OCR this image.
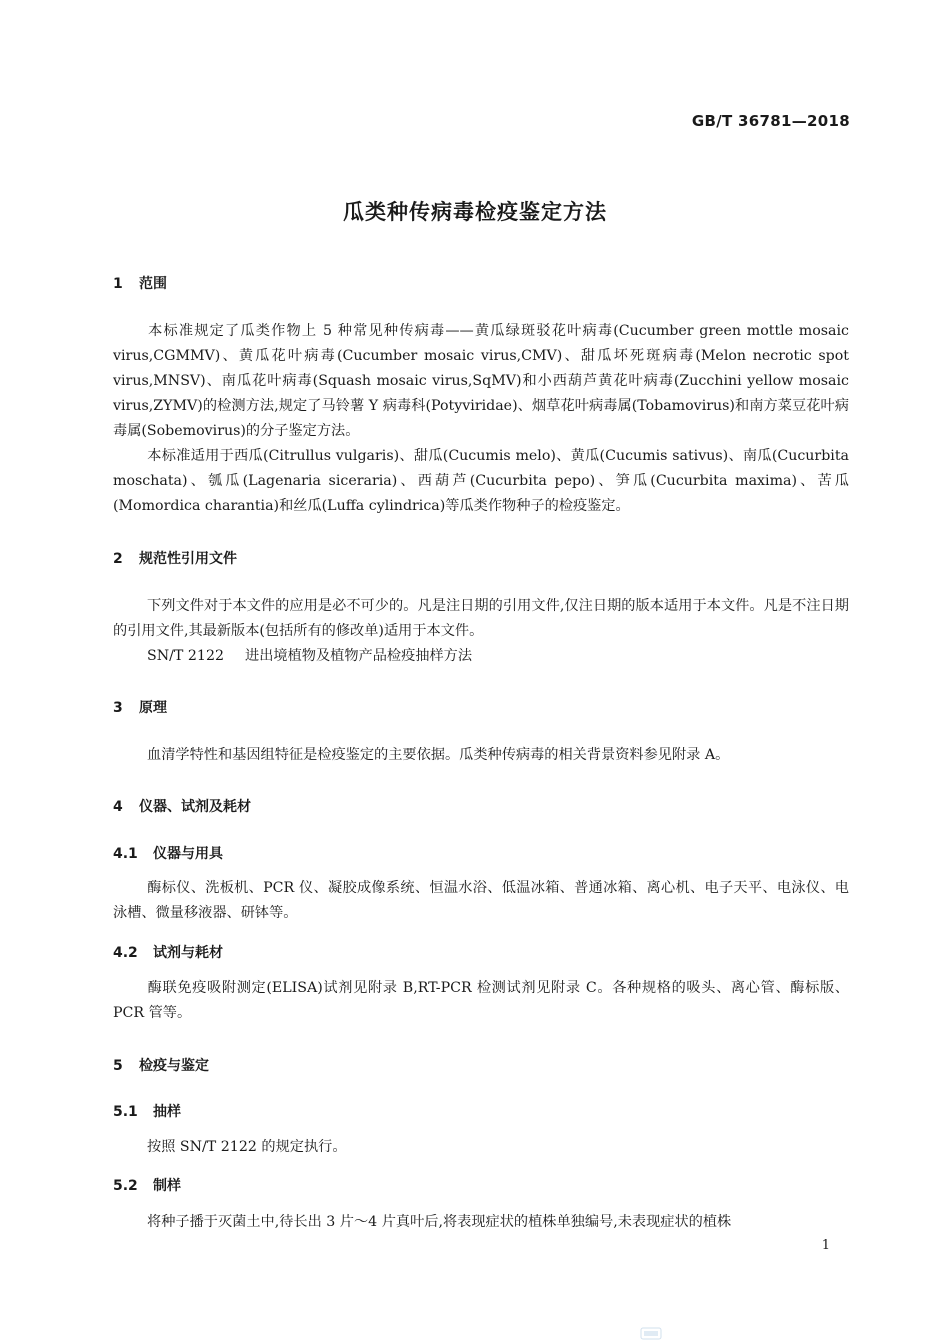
GB/T 36781—2018
瓜类种传病毒检疫鉴定方法
1 范围
本标准规定了瓜类作物上 5 种常见种传病毒——黄瓜绿斑驳花叶病毒(Cucumber green mottle mosaic virus,CGMMV)、黄瓜花叶病毒(Cucumber mosaic virus,CMV)、甜瓜坏死斑病毒(Melon necrotic spot virus,MNSV)、南瓜花叶病毒(Squash mosaic virus,SqMV)和小西葫芦黄花叶病毒(Zucchini yellow mosaic virus,ZYMV)的检测方法,规定了马铃薯 Y 病毒科(Potyviridae)、烟草花叶病毒属(Tobamovirus)和南方菜豆花叶病毒属(Sobemovirus)的分子鉴定方法。
本标准适用于西瓜(Citrullus vulgaris)、甜瓜(Cucumis melo)、黄瓜(Cucumis sativus)、南瓜(Cucurbita moschata)、瓠瓜(Lagenaria siceraria)、西葫芦(Cucurbita pepo)、笋瓜(Cucurbita maxima)、苦瓜(Momordica charantia)和丝瓜(Luffa cylindrica)等瓜类作物种子的检疫鉴定。
2 规范性引用文件
下列文件对于本文件的应用是必不可少的。凡是注日期的引用文件,仅注日期的版本适用于本文件。凡是不注日期的引用文件,其最新版本(包括所有的修改单)适用于本文件。
SN/T 2122 进出境植物及植物产品检疫抽样方法
3 原理
血清学特性和基因组特征是检疫鉴定的主要依据。瓜类种传病毒的相关背景资料参见附录 A。
4 仪器、试剂及耗材
4.1 仪器与用具
酶标仪、洗板机、PCR 仪、凝胶成像系统、恒温水浴、低温冰箱、普通冰箱、离心机、电子天平、电泳仪、电泳槽、微量移液器、研钵等。
4.2 试剂与耗材
酶联免疫吸附测定(ELISA)试剂见附录 B,RT-PCR 检测试剂见附录 C。各种规格的吸头、离心管、酶标版、PCR 管等。
5 检疫与鉴定
5.1 抽样
按照 SN/T 2122 的规定执行。
5.2 制样
将种子播于灭菌土中,待长出 3 片～4 片真叶后,将表现症状的植株单独编号,未表现症状的植株
1
